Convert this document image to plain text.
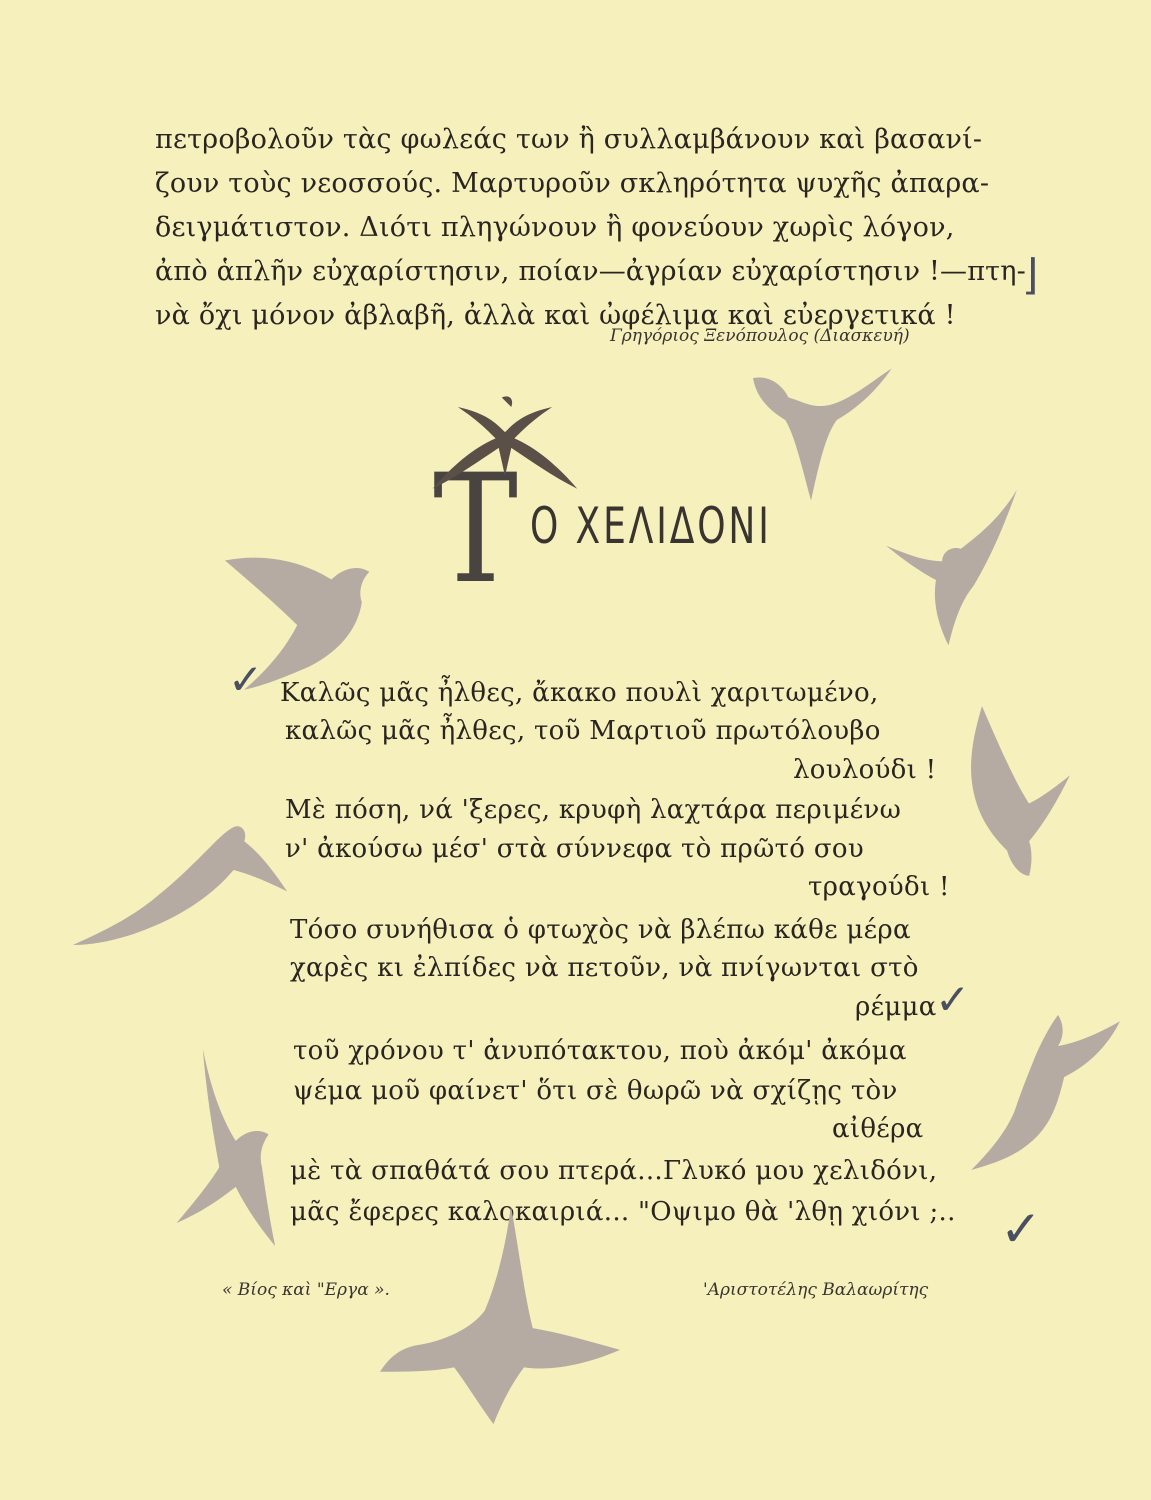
πετροβολοῦν τὰς φωλεάς των ἢ συλλαμβάνουν καὶ βασανί-
ζουν τοὺς νεοσσούς. Μαρτυροῦν σκληρότητα ψυχῆς ἀπαρα-
δειγμάτιστον. Διότι πληγώνουν ἢ φονεύουν χωρὶς λόγον,
ἀπὸ ἁπλῆν εὐχαρίστησιν, ποίαν—ἀγρίαν εὐχαρίστησιν !—πτη-
νὰ ὄχι μόνον ἀβλαβῆ, ἀλλὰ καὶ ὠφέλιμα καὶ εὐεργετικά !
Γρηγόριος Ξενόπουλος (Διασκευή)
Τ Ο ΧΕΛΙΔΟΝΙ
Καλῶς μᾶς ἦλθες, ἄκακο πουλὶ χαριτωμένο,
καλῶς μᾶς ἦλθες, τοῦ Μαρτιοῦ πρωτόλουβο
λουλούδι !
Μὲ πόση, νά 'ξερες, κρυφὴ λαχτάρα περιμένω
ν' ἀκούσω μέσ' στὰ σύννεφα τὸ πρῶτό σου
τραγούδι !
Τόσο συνήθισα ὁ φτωχὸς νὰ βλέπω κάθε μέρα
χαρὲς κι ἐλπίδες νὰ πετοῦν, νὰ πνίγωνται στὸ
ρέμμα
τοῦ χρόνου τ' ἀνυπότακτου, ποὺ ἀκόμ' ἀκόμα
ψέμα μοῦ φαίνετ' ὅτι σὲ θωρῶ νὰ σχίζῃς τὸν
αἰθέρα
μὲ τὰ σπαθάτά σου πτερά...Γλυκό μου χελιδόνι,
μᾶς ἔφερες καλοκαιριά... "Οψιμο θὰ 'λθῃ χιόνι ;..
« Βίος καὶ "Εργα ».	'Αριστοτέλης Βαλαωρίτης
⌋
✓
✓
✓
